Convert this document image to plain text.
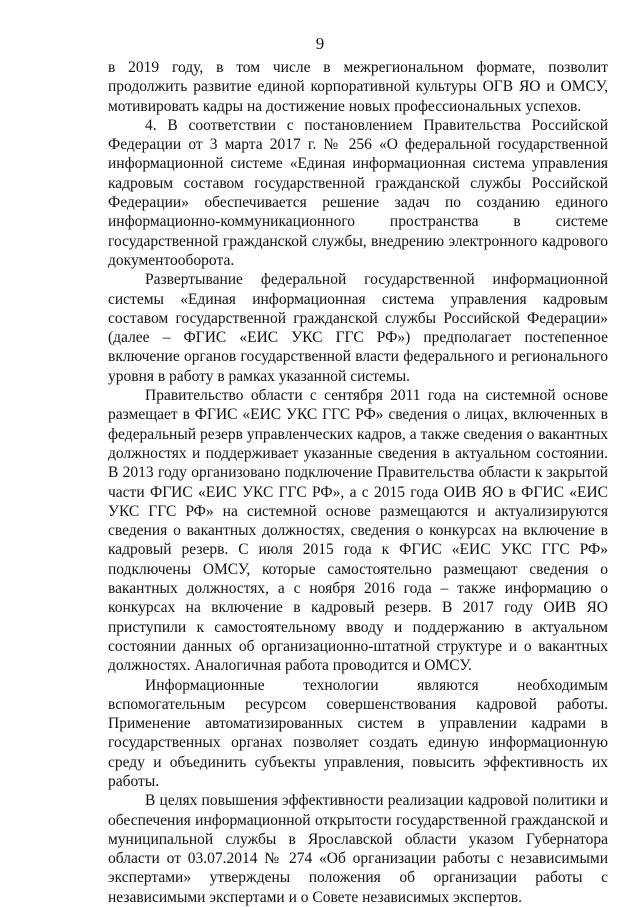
9

в 2019 году, в том числе в межрегиональном формате, позволит продолжить развитие единой корпоративной культуры ОГВ ЯО и ОМСУ, мотивировать кадры на достижение новых профессиональных успехов.

4. В соответствии с постановлением Правительства Российской Федерации от 3 марта 2017 г. № 256 «О федеральной государственной информационной системе «Единая информационная система управления кадровым составом государственной гражданской службы Российской Федерации» обеспечивается решение задач по созданию единого информационно-коммуникационного пространства в системе государственной гражданской службы, внедрению электронного кадрового документооборота.

Развертывание федеральной государственной информационной системы «Единая информационная система управления кадровым составом государственной гражданской службы Российской Федерации» (далее – ФГИС «ЕИС УКС ГГС РФ») предполагает постепенное включение органов государственной власти федерального и регионального уровня в работу в рамках указанной системы.

Правительство области с сентября 2011 года на системной основе размещает в ФГИС «ЕИС УКС ГГС РФ» сведения о лицах, включенных в федеральный резерв управленческих кадров, а также сведения о вакантных должностях и поддерживает указанные сведения в актуальном состоянии. В 2013 году организовано подключение Правительства области к закрытой части ФГИС «ЕИС УКС ГГС РФ», а с 2015 года ОИВ ЯО в ФГИС «ЕИС УКС ГГС РФ» на системной основе размещаются и актуализируются сведения о вакантных должностях, сведения о конкурсах на включение в кадровый резерв. С июля 2015 года к ФГИС «ЕИС УКС ГГС РФ» подключены ОМСУ, которые самостоятельно размещают сведения о вакантных должностях, а с ноября 2016 года – также информацию о конкурсах на включение в кадровый резерв. В 2017 году ОИВ ЯО приступили к самостоятельному вводу и поддержанию в актуальном состоянии данных об организационно-штатной структуре и о вакантных должностях. Аналогичная работа проводится и ОМСУ.

Информационные технологии являются необходимым вспомогательным ресурсом совершенствования кадровой работы. Применение автоматизированных систем в управлении кадрами в государственных органах позволяет создать единую информационную среду и объединить субъекты управления, повысить эффективность их работы.

В целях повышения эффективности реализации кадровой политики и обеспечения информационной открытости государственной гражданской и муниципальной службы в Ярославской области указом Губернатора области от 03.07.2014 № 274 «Об организации работы с независимыми экспертами» утверждены положения об организации работы с независимыми экспертами и о Совете независимых экспертов.
